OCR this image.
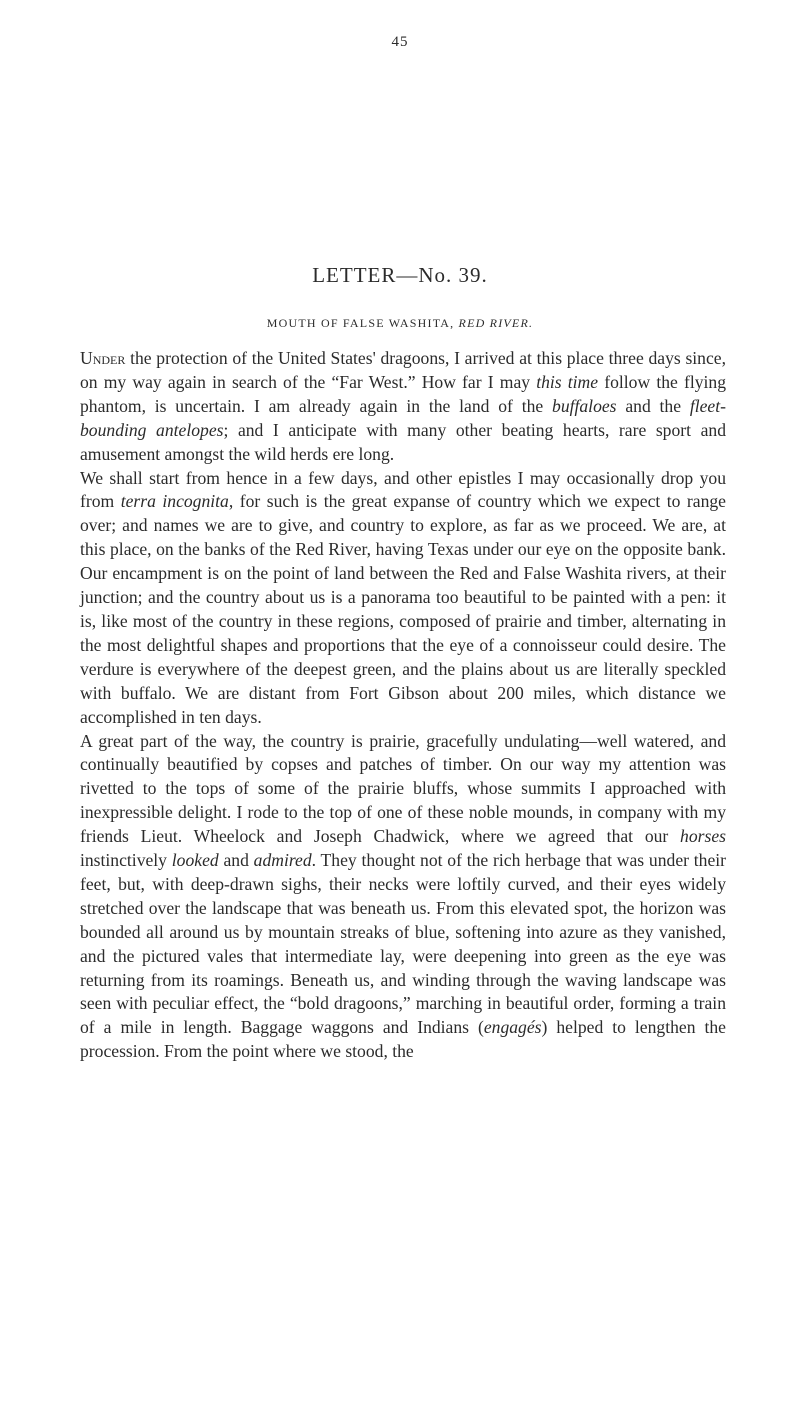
45
LETTER—No. 39.
MOUTH OF FALSE WASHITA, RED RIVER.

Under the protection of the United States' dragoons, I arrived at this place three days since, on my way again in search of the “Far West.” How far I may this time follow the flying phantom, is uncertain. I am already again in the land of the buffaloes and the fleet-bounding antelopes; and I anticipate with many other beating hearts, rare sport and amusement amongst the wild herds ere long.

We shall start from hence in a few days, and other epistles I may occasionally drop you from terra incognita, for such is the great expanse of country which we expect to range over; and names we are to give, and country to explore, as far as we proceed. We are, at this place, on the banks of the Red River, having Texas under our eye on the opposite bank. Our encampment is on the point of land between the Red and False Washita rivers, at their junction; and the country about us is a panorama too beautiful to be painted with a pen: it is, like most of the country in these regions, composed of prairie and timber, alternating in the most delightful shapes and proportions that the eye of a connoisseur could desire. The verdure is everywhere of the deepest green, and the plains about us are literally speckled with buffalo. We are distant from Fort Gibson about 200 miles, which distance we accomplished in ten days.

A great part of the way, the country is prairie, gracefully undulating—well watered, and continually beautified by copses and patches of timber. On our way my attention was rivetted to the tops of some of the prairie bluffs, whose summits I approached with inexpressible delight. I rode to the top of one of these noble mounds, in company with my friends Lieut. Wheelock and Joseph Chadwick, where we agreed that our horses instinctively looked and admired. They thought not of the rich herbage that was under their feet, but, with deep-drawn sighs, their necks were loftily curved, and their eyes widely stretched over the landscape that was beneath us. From this elevated spot, the horizon was bounded all around us by mountain streaks of blue, softening into azure as they vanished, and the pictured vales that intermediate lay, were deepening into green as the eye was returning from its roamings. Beneath us, and winding through the waving landscape was seen with peculiar effect, the “bold dragoons,” marching in beautiful order, forming a train of a mile in length. Baggage waggons and Indians (engagés) helped to lengthen the procession. From the point where we stood, the
